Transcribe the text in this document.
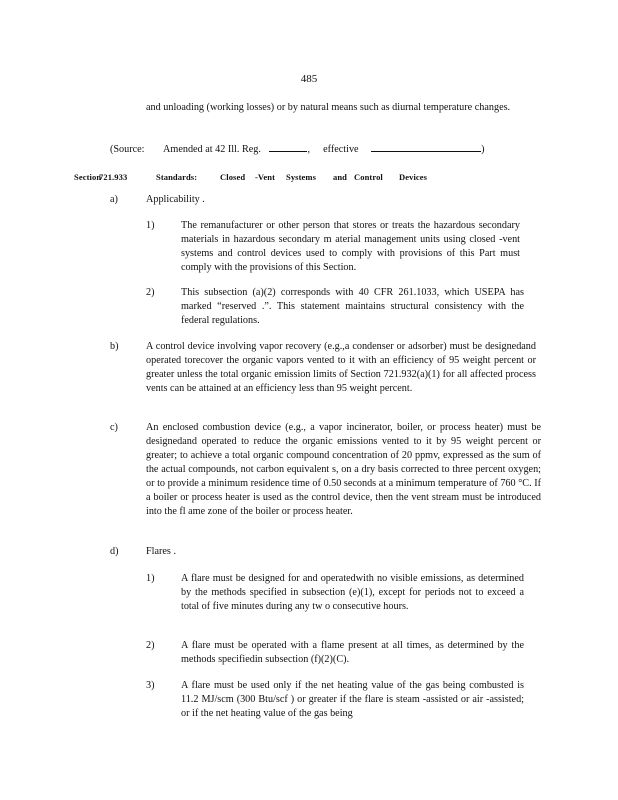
485
and unloading (working losses) or by natural means such as diurnal temperature changes.
(Source: Amended at 42 Ill. Reg.	, effective	)
Section
721.933	Standards:	Closed -Vent Systems and Control Devices
a)	Applicability .
1)	The remanufacturer or other person that stores or treats the hazardous secondary materials in hazardous secondary m aterial management units using closed -vent systems and control devices used to comply with provisions of this Part must comply with the provisions of this Section.
2)	This subsection (a)(2) corresponds with 40 CFR 261.1033, which USEPA has marked “reserved .”. This statement maintains structural consistency with the federal regulations.
b)	A control device involving vapor recovery (e.g.,a condenser or adsorber) must be designedand operated torecover the organic vapors vented to it with an efficiency of 95 weight percent or greater unless the total organic emission limits of Section 721.932(a)(1) for all affected process vents can be attained at an efficiency less than 95 weight percent.
c)	An enclosed combustion device (e.g., a vapor incinerator, boiler, or process heater) must be designedand operated to reduce the organic emissions vented to it by 95 weight percent or greater; to achieve a total organic compound concentration of 20 ppmv, expressed as the sum of the actual compounds, not carbon equivalent s, on a dry basis corrected to three percent oxygen; or to provide a minimum residence time of 0.50 seconds at a minimum temperature of 760 °C. If a boiler or process heater is used as the control device, then the vent stream must be introduced into the fl ame zone of the boiler or process heater.
d)	Flares .
1)	A flare must be designed for and operatedwith no visible emissions, as determined by the methods specified in subsection (e)(1), except for periods not to exceed a total of five minutes during any tw o consecutive hours.
2)	A flare must be operated with a flame present at all times, as determined by the methods specifiedin subsection (f)(2)(C).
3)	A flare must be used only if the net heating value of the gas being combusted is 11.2 MJ/scm (300 Btu/scf ) or greater if the flare is steam -assisted or air -assisted; or if the net heating value of the gas being
